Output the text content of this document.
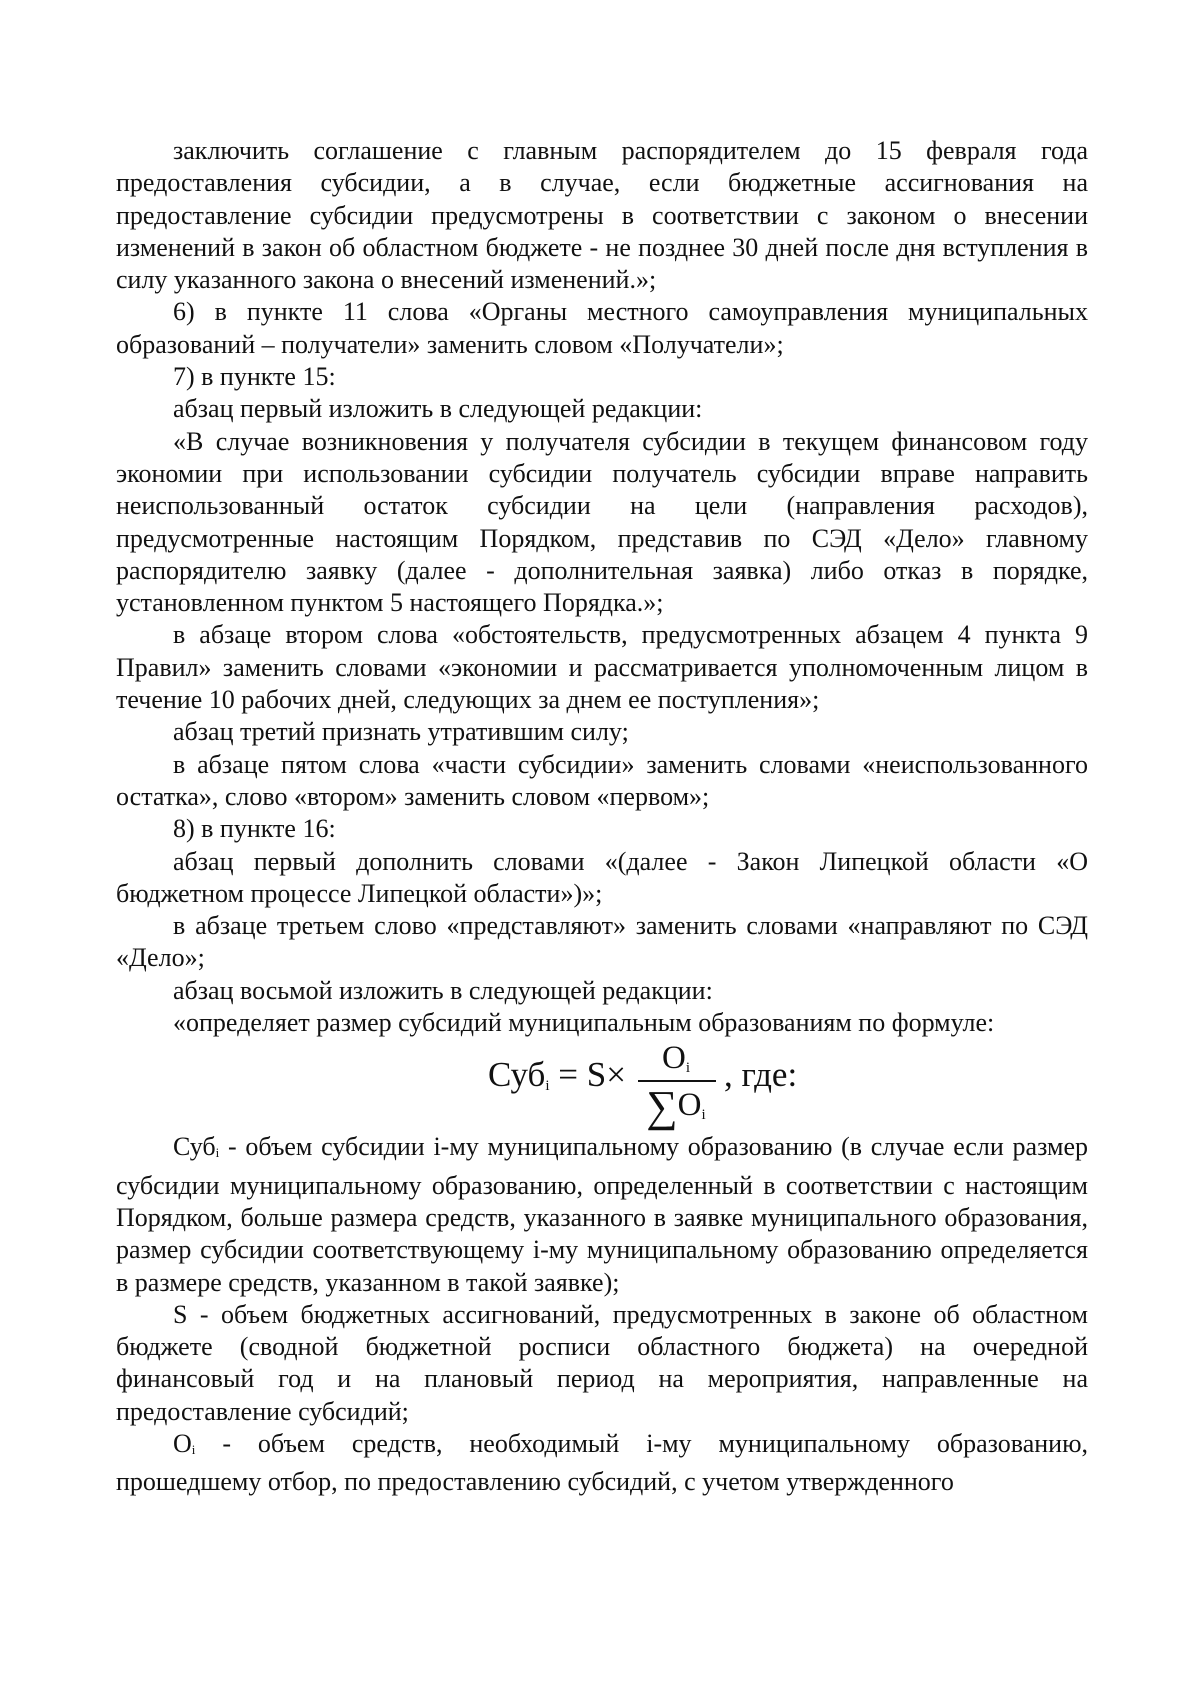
заключить соглашение с главным распорядителем до 15 февраля года предоставления субсидии, а в случае, если бюджетные ассигнования на предоставление субсидии предусмотрены в соответствии с законом о внесении изменений в закон об областном бюджете - не позднее 30 дней после дня вступления в силу указанного закона о внесений изменений.»;

6) в пункте 11 слова «Органы местного самоуправления муниципальных образований – получатели» заменить словом «Получатели»;

7) в пункте 15:

абзац первый изложить в следующей редакции:

«В случае возникновения у получателя субсидии в текущем финансовом году экономии при использовании субсидии получатель субсидии вправе направить неиспользованный остаток субсидии на цели (направления расходов), предусмотренные настоящим Порядком, представив по СЭД «Дело» главному распорядителю заявку (далее - дополнительная заявка) либо отказ в порядке, установленном пунктом 5 настоящего Порядка.»;

в абзаце втором слова «обстоятельств, предусмотренных абзацем 4 пункта 9 Правил» заменить словами «экономии и рассматривается уполномоченным лицом в течение 10 рабочих дней, следующих за днем ее поступления»;

абзац третий признать утратившим силу;

в абзаце пятом слова «части субсидии» заменить словами «неиспользованного остатка», слово «втором» заменить словом «первом»;

8) в пункте 16:

абзац первый дополнить словами «(далее - Закон Липецкой области «О бюджетном процессе Липецкой области»)»;

в абзаце третьем слово «представляют» заменить словами «направляют по СЭД «Дело»;

абзац восьмой изложить в следующей редакции:

«определяет размер субсидий муниципальным образованиям по формуле:

Суб$_i$ = S×	$O_i$
$\sum O_i$
, где:

Суб$_i$ - объем субсидии i-му муниципальному образованию (в случае если размер субсидии муниципальному образованию, определенный в соответствии с настоящим Порядком, больше размера средств, указанного в заявке муниципального образования, размер субсидии соответствующему i-му муниципальному образованию определяется в размере средств, указанном в такой заявке);

S - объем бюджетных ассигнований, предусмотренных в законе об областном бюджете (сводной бюджетной росписи областного бюджета) на очередной финансовый год и на плановый период на мероприятия, направленные на предоставление субсидий;

$O_i$ - объем средств, необходимый i-му муниципальному образованию, прошедшему отбор, по предоставлению субсидий, с учетом утвержденного
